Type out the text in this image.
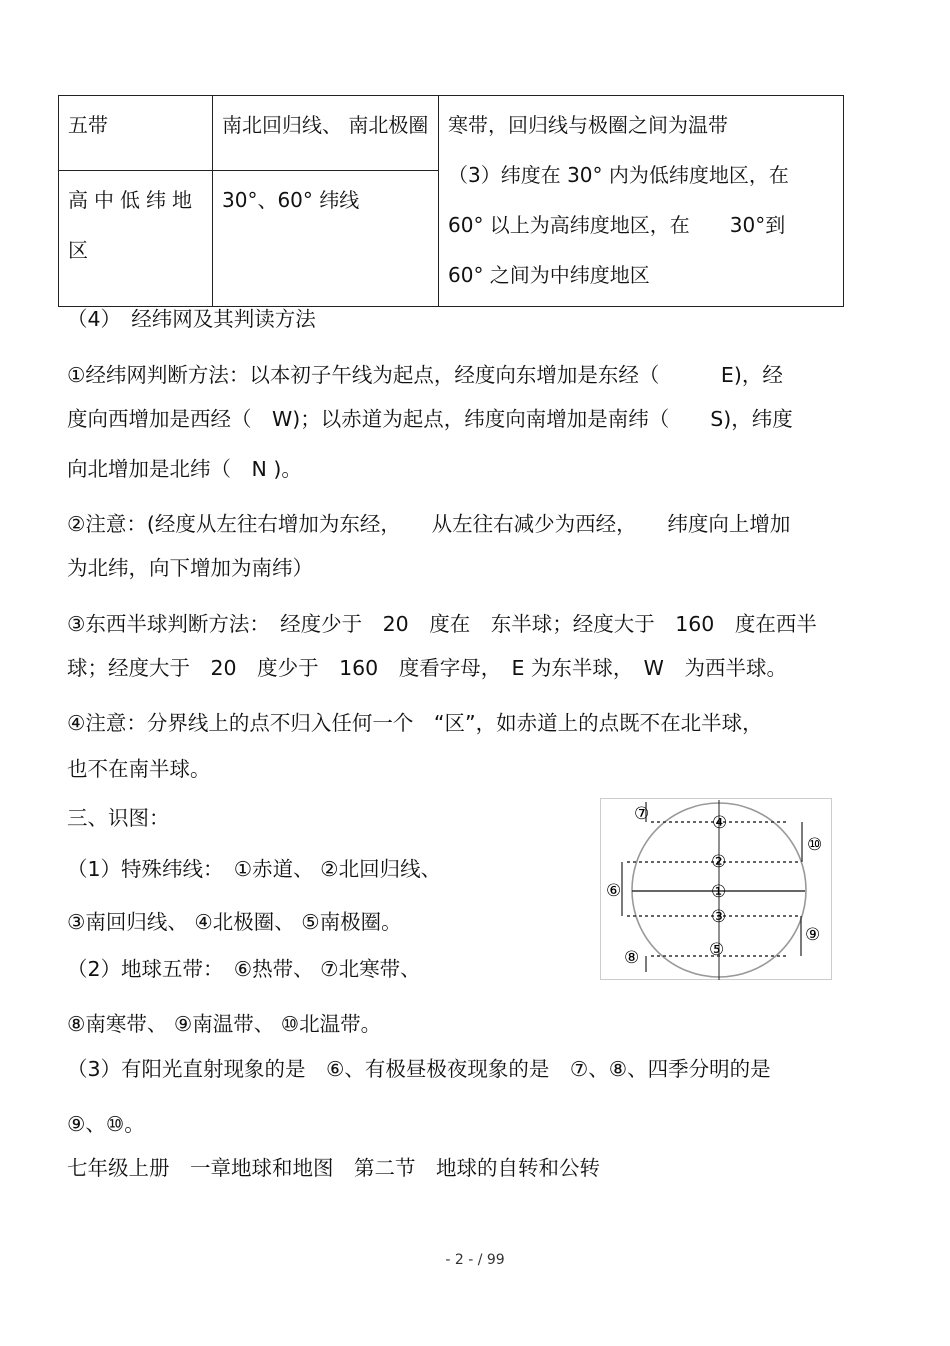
五带	南北回归线、 南北极圈	寒带，回归线与极圈之间为温带
（3）纬度在 30° 内为低纬度地区，在
60° 以上为高纬度地区，在　　30°到
60° 之间为中纬度地区

高中低纬地区	30°、60° 纬线	
（4）　经纬网及其判读方法
①经纬网判断方法：以本初子午线为起点，经度向东增加是东经（　　　E)，经
度向西增加是西经（　W)；以赤道为起点，纬度向南增加是南纬（　　S)，纬度
向北增加是北纬（　N )。
②注意：(经度从左往右增加为东经，　　从左往右减少为西经，　　纬度向上增加
为北纬，向下增加为南纬）
③东西半球判断方法：　经度少于　20　度在　东半球；经度大于　160　度在西半
球；经度大于　20　度少于　160　度看字母，　E 为东半球，　W　为西半球。
④注意：分界线上的点不归入任何一个　“区”，如赤道上的点既不在北半球，
也不在南半球。
三、识图：
（1）特殊纬线：　①赤道、 ②北回归线、
③南回归线、 ④北极圈、 ⑤南极圈。
（2）地球五带：　⑥热带、 ⑦北寒带、
⑧南寒带、 ⑨南温带、 ⑩北温带。
（3）有阳光直射现象的是　⑥、有极昼极夜现象的是　⑦、⑧、四季分明的是
⑨、⑩。
七年级上册　一章地球和地图　第二节　地球的自转和公转
⑦	④
⑩
②
⑥	①
③
⑨
⑧	⑤
- 2 - / 99
